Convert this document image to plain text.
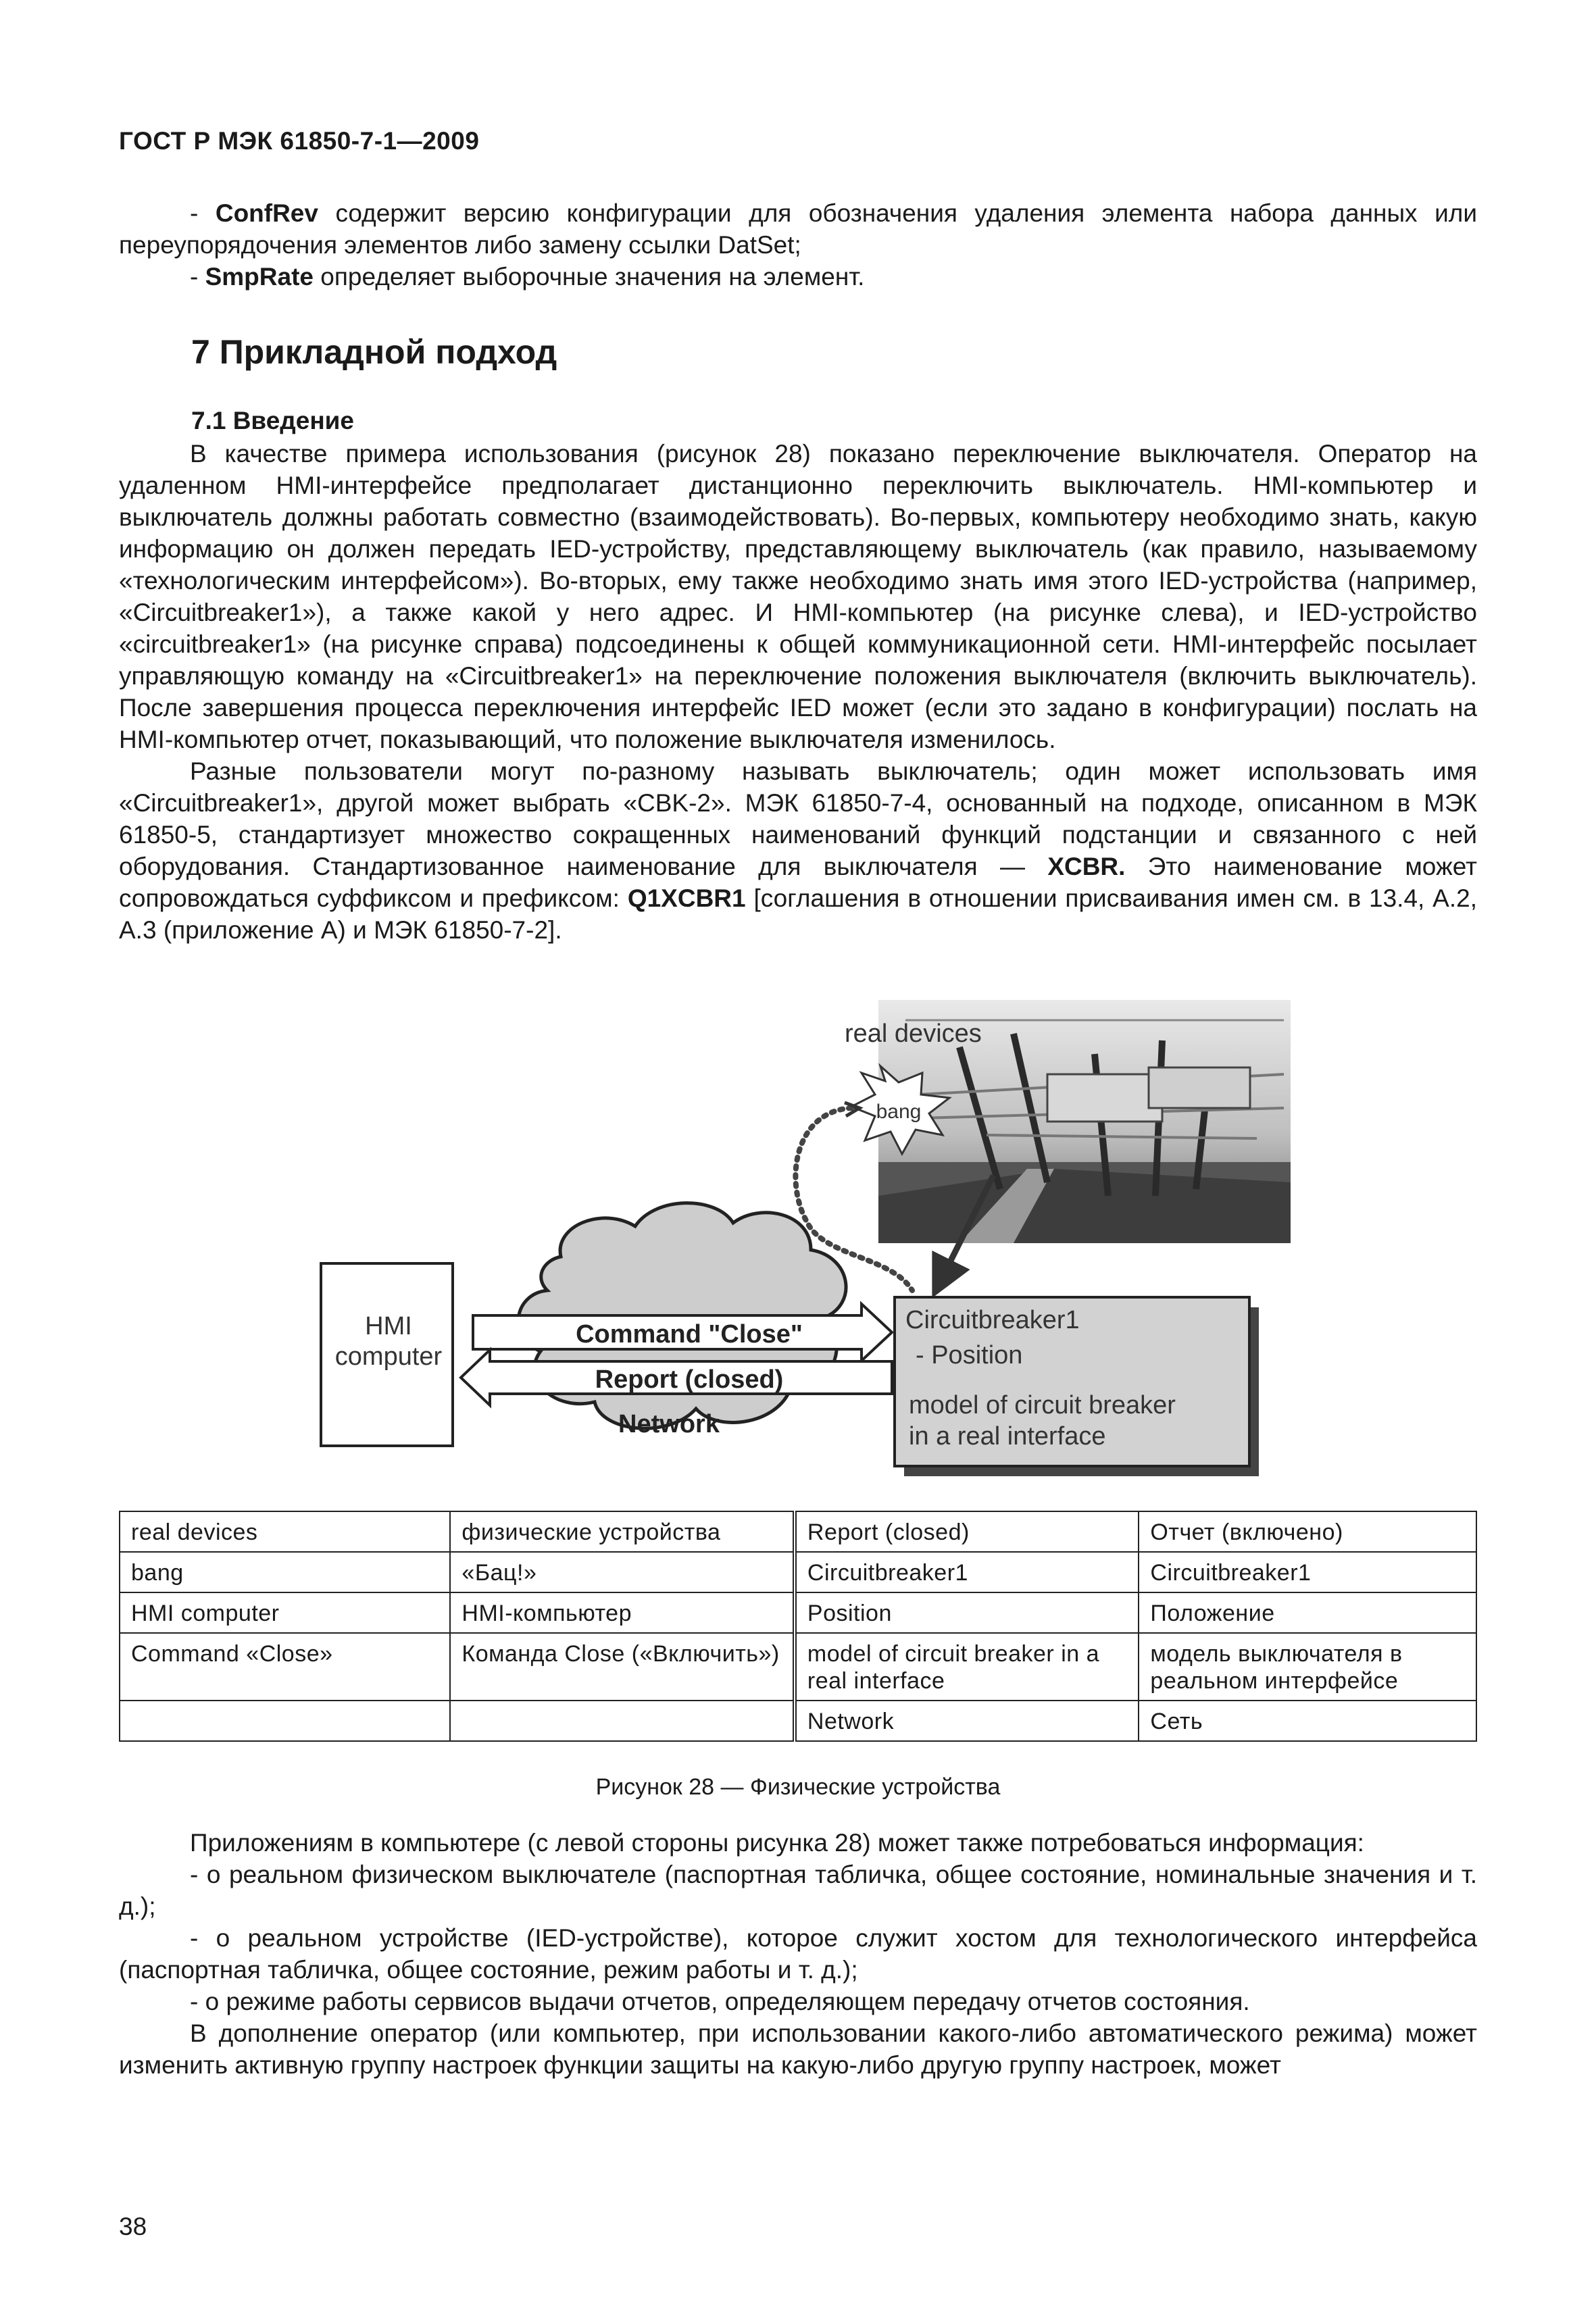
ГОСТ Р МЭК 61850-7-1—2009

- ConfRev содержит версию конфигурации для обозначения удаления элемента набора данных или переупорядочения элементов либо замену ссылки DatSet;

- SmpRate определяет выборочные значения на элемент.

7 Прикладной подход
7.1 Введение

В качестве примера использования (рисунок 28) показано переключение выключателя. Оператор на удаленном HMI-интерфейсе предполагает дистанционно переключить выключатель. HMI-компьютер и выключатель должны работать совместно (взаимодействовать). Во-первых, компьютеру необходимо знать, какую информацию он должен передать IED-устройству, представляющему выключатель (как правило, называемому «технологическим интерфейсом»). Во-вторых, ему также необходимо знать имя этого IED-устройства (например, «Circuitbreaker1»), а также какой у него адрес. И HMI-компьютер (на рисунке слева), и IED-устройство «circuitbreaker1» (на рисунке справа) подсоединены к общей коммуникационной сети. HMI-интерфейс посылает управляющую команду на «Circuitbreaker1» на переключение положения выключателя (включить выключатель). После завершения процесса переключения интерфейс IED может (если это задано в конфигурации) послать на HMI-компьютер отчет, показывающий, что положение выключателя изменилось.

Разные пользователи могут по-разному называть выключатель; один может использовать имя «Circuitbreaker1», другой может выбрать «CBK-2». МЭК 61850-7-4, основанный на подходе, описанном в МЭК 61850-5, стандартизует множество сокращенных наименований функций подстанции и связанного с ней оборудования. Стандартизованное наименование для выключателя — XCBR. Это наименование может сопровождаться суффиксом и префиксом: Q1XCBR1 [соглашения в отношении присваивания имен см. в 13.4, А.2, А.3 (приложение А) и МЭК 61850-7-2].

real devices
bang
HMI
computer
Command "Close"
Report (closed)
Network
Circuitbreaker1
- Position
model of circuit breaker
in a real interface
real devices	физические устройства	Report (closed)	Отчет (включено)
bang	«Бац!»	Circuitbreaker1	Circuitbreaker1
HMI computer	HMI-компьютер	Position	Положение
Command «Close»	Команда Close («Включить»)	model of circuit breaker in a real interface	модель выключателя в реальном интерфейсе
		Network	Сеть
Рисунок 28 — Физические устройства

Приложениям в компьютере (с левой стороны рисунка 28) может также потребоваться информация:

- о реальном физическом выключателе (паспортная табличка, общее состояние, номинальные значения и т. д.);

- о реальном устройстве (IED-устройстве), которое служит хостом для технологического интерфейса (паспортная табличка, общее состояние, режим работы и т. д.);

- о режиме работы сервисов выдачи отчетов, определяющем передачу отчетов состояния.

В дополнение оператор (или компьютер, при использовании какого-либо автоматического режима) может изменить активную группу настроек функции защиты на какую-либо другую группу настроек, может

38
